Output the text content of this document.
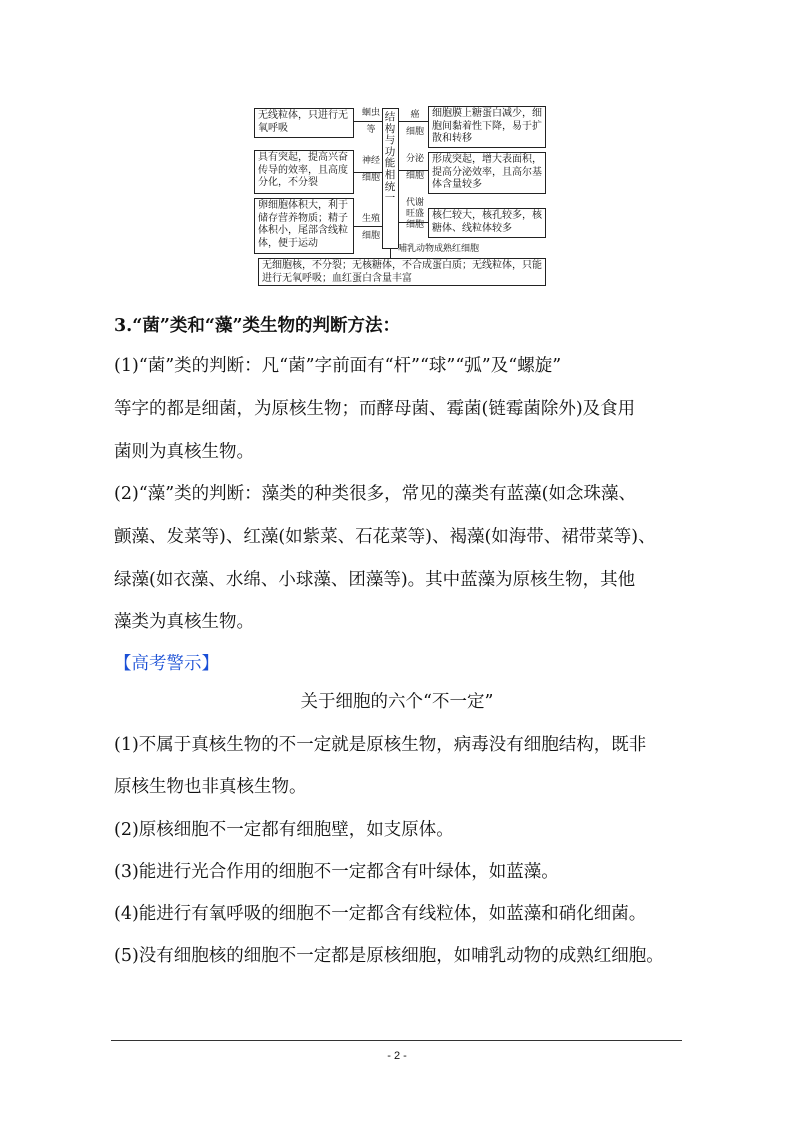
无线粒体，只进行无氧呼吸
具有突起，提高兴奋传导的效率，且高度分化，不分裂
卵细胞体积大，利于储存营养物质；精子体积小，尾部含线粒体，便于运动
蛔虫
等
神经
细胞
生殖
细胞
结构与功能相统一
癌
细胞
分泌
细胞
代谢
旺盛
细胞
细胞膜上糖蛋白减少，细胞间黏着性下降，易于扩散和转移
形成突起，增大表面积，提高分泌效率，且高尔基体含量较多
核仁较大，核孔较多，核糖体、线粒体较多
哺乳动物成熟红细胞
无细胞核，不分裂；无核糖体，不合成蛋白质；无线粒体，只能进行无氧呼吸；血红蛋白含量丰富
3.“菌”类和“藻”类生物的判断方法：
(1)“菌”类的判断：凡“菌”字前面有“杆”“球”“弧”及“螺旋”
等字的都是细菌，为原核生物；而酵母菌、霉菌(链霉菌除外)及食用
菌则为真核生物。
(2)“藻”类的判断：藻类的种类很多，常见的藻类有蓝藻(如念珠藻、
颤藻、发菜等)、红藻(如紫菜、石花菜等)、褐藻(如海带、裙带菜等)、
绿藻(如衣藻、水绵、小球藻、团藻等)。其中蓝藻为原核生物，其他
藻类为真核生物。
【高考警示】
关于细胞的六个“不一定”
(1)不属于真核生物的不一定就是原核生物，病毒没有细胞结构，既非
原核生物也非真核生物。
(2)原核细胞不一定都有细胞壁，如支原体。
(3)能进行光合作用的细胞不一定都含有叶绿体，如蓝藻。
(4)能进行有氧呼吸的细胞不一定都含有线粒体，如蓝藻和硝化细菌。
(5)没有细胞核的细胞不一定都是原核细胞，如哺乳动物的成熟红细胞。
- 2 -
